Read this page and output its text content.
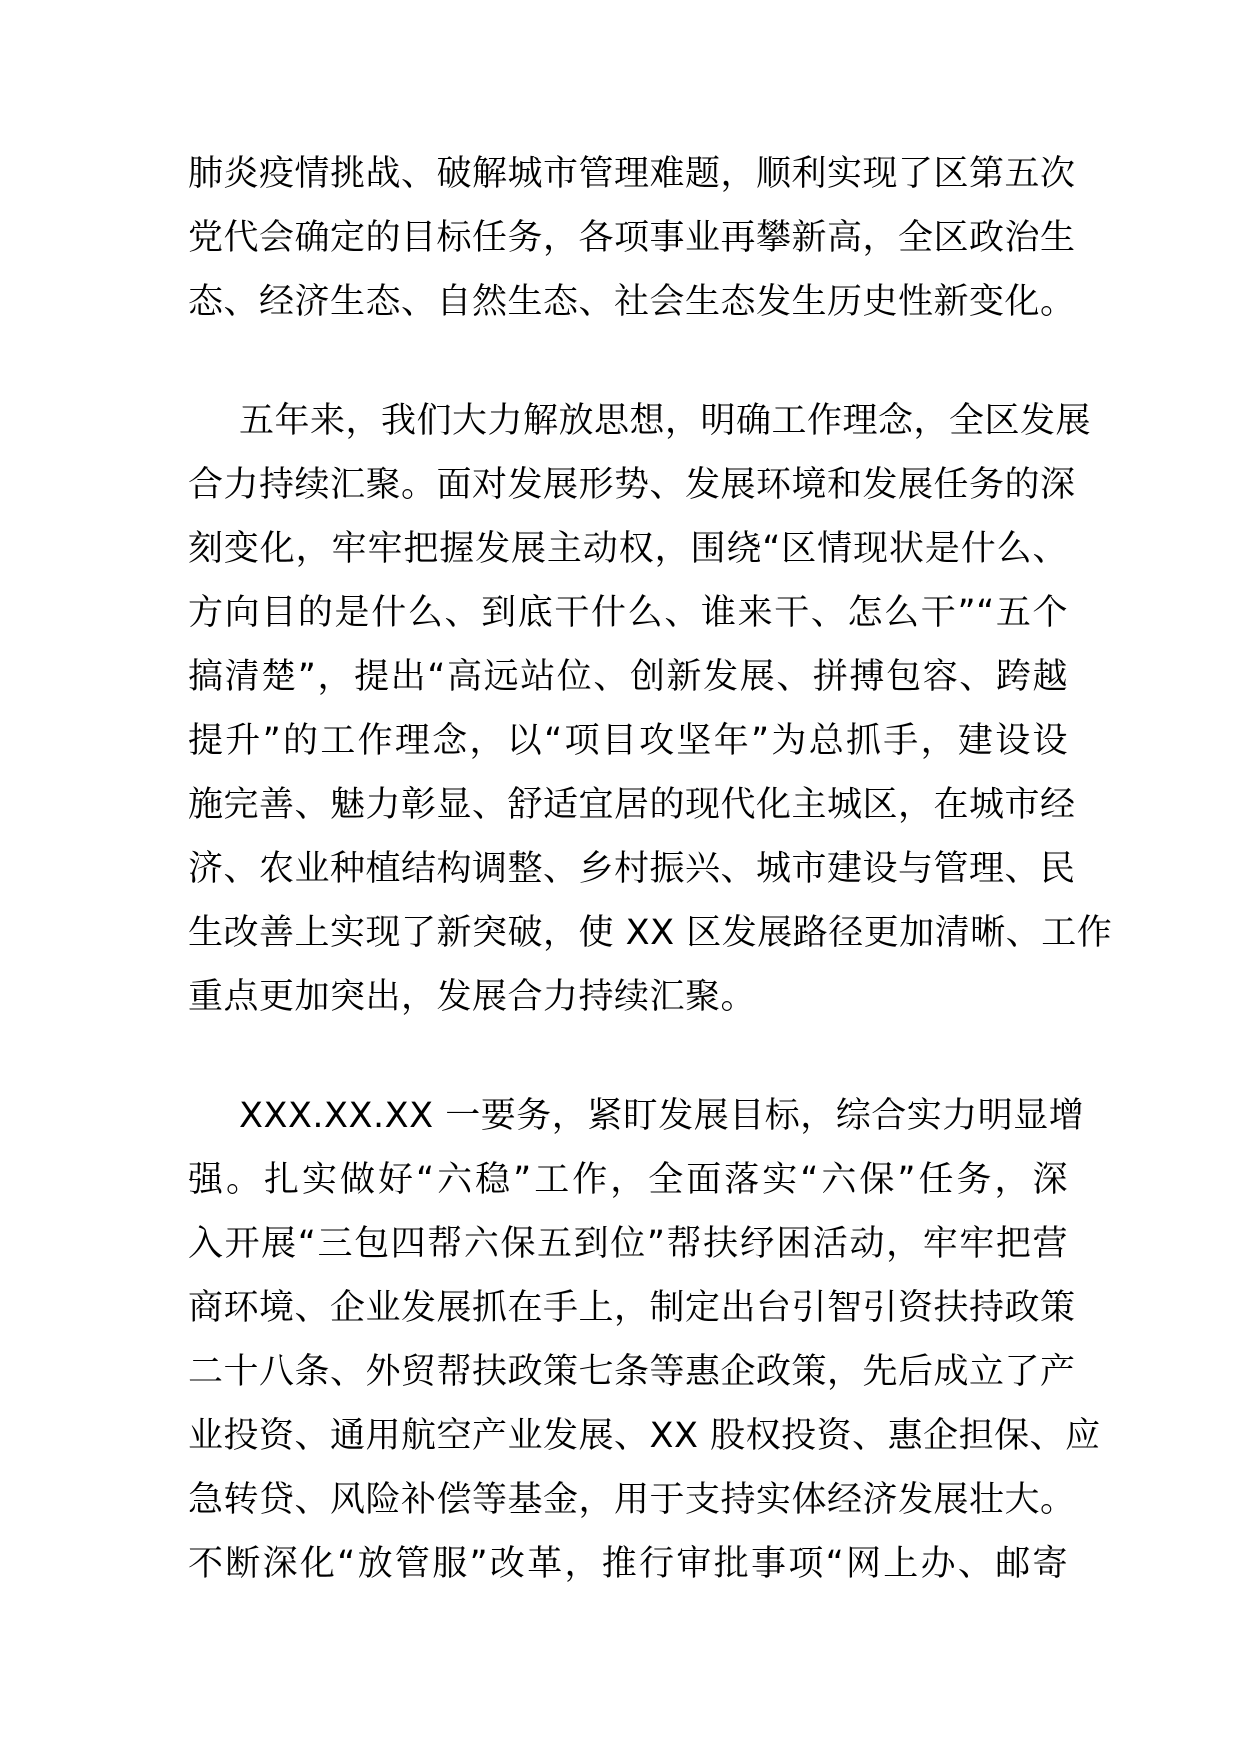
肺炎疫情挑战、破解城市管理难题，顺利实现了区第五次
党代会确定的目标任务，各项事业再攀新高，全区政治生
态、经济生态、自然生态、社会生态发生历史性新变化。
五年来，我们大力解放思想，明确工作理念，全区发展
合力持续汇聚。面对发展形势、发展环境和发展任务的深
刻变化，牢牢把握发展主动权，围绕“区情现状是什么、
方向目的是什么、到底干什么、谁来干、怎么干”“五个
搞清楚”，提出“高远站位、创新发展、拼搏包容、跨越
提升”的工作理念，以“项目攻坚年”为总抓手，建设设
施完善、魅力彰显、舒适宜居的现代化主城区，在城市经
济、农业种植结构调整、乡村振兴、城市建设与管理、民
生改善上实现了新突破，使 XX 区发展路径更加清晰、工作
重点更加突出，发展合力持续汇聚。
XXX.XX.XX 一要务，紧盯发展目标，综合实力明显增
强。扎实做好“六稳”工作，全面落实“六保”任务，深
入开展“三包四帮六保五到位”帮扶纾困活动，牢牢把营
商环境、企业发展抓在手上，制定出台引智引资扶持政策
二十八条、外贸帮扶政策七条等惠企政策，先后成立了产
业投资、通用航空产业发展、XX 股权投资、惠企担保、应
急转贷、风险补偿等基金，用于支持实体经济发展壮大。
不断深化“放管服”改革，推行审批事项“网上办、邮寄
